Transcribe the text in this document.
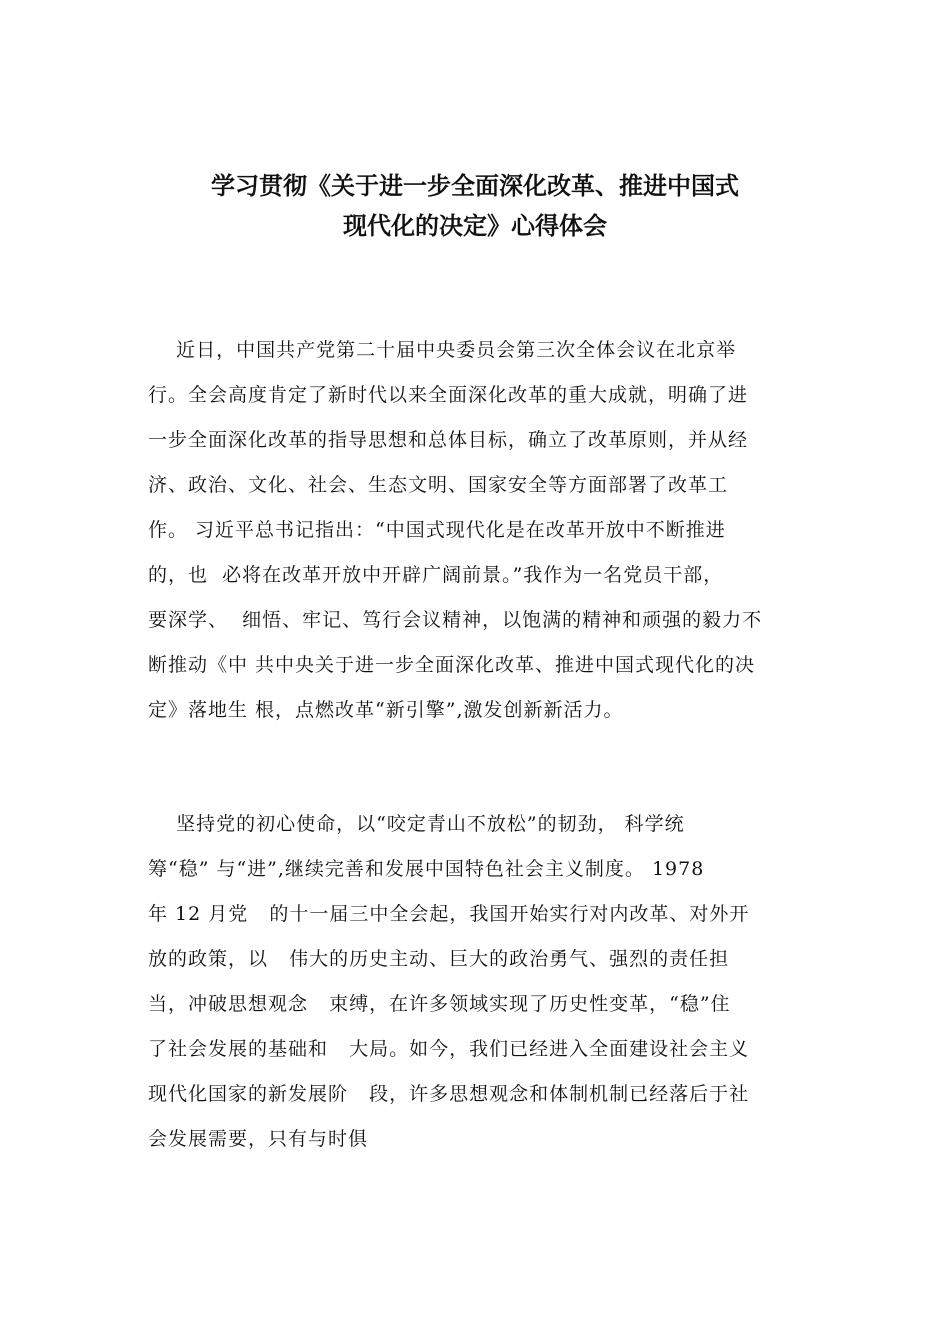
学习贯彻《关于进一步全面深化改革、推进中国式
现代化的决定》心得体会
近日，中国共产党第二十届中央委员会第三次全体会议在北京举
行。全会高度肯定了新时代以来全面深化改革的重大成就，明确了进
一步全面深化改革的指导思想和总体目标，确立了改革原则，并从经
济、政治、文化、社会、生态文明、国家安全等方面部署了改革工
作。 习近平总书记指出：“中国式现代化是在改革开放中不断推进
的，也  必将在改革开放中开辟广阔前景。”我作为一名党员干部，
要深学、  细悟、牢记、笃行会议精神，以饱满的精神和顽强的毅力不
断推动《中 共中央关于进一步全面深化改革、推进中国式现代化的决
定》落地生 根，点燃改革“新引擎”,激发创新新活力。
坚持党的初心使命，以“咬定青山不放松”的韧劲， 科学统
筹“稳” 与“进”,继续完善和发展中国特色社会主义制度。 1978
年 12 月党   的十一届三中全会起，我国开始实行对内改革、对外开
放的政策，以   伟大的历史主动、巨大的政治勇气、强烈的责任担
当，冲破思想观念   束缚，在许多领域实现了历史性变革，“稳”住
了社会发展的基础和   大局。如今，我们已经进入全面建设社会主义
现代化国家的新发展阶   段，许多思想观念和体制机制已经落后于社
会发展需要，只有与时俱
